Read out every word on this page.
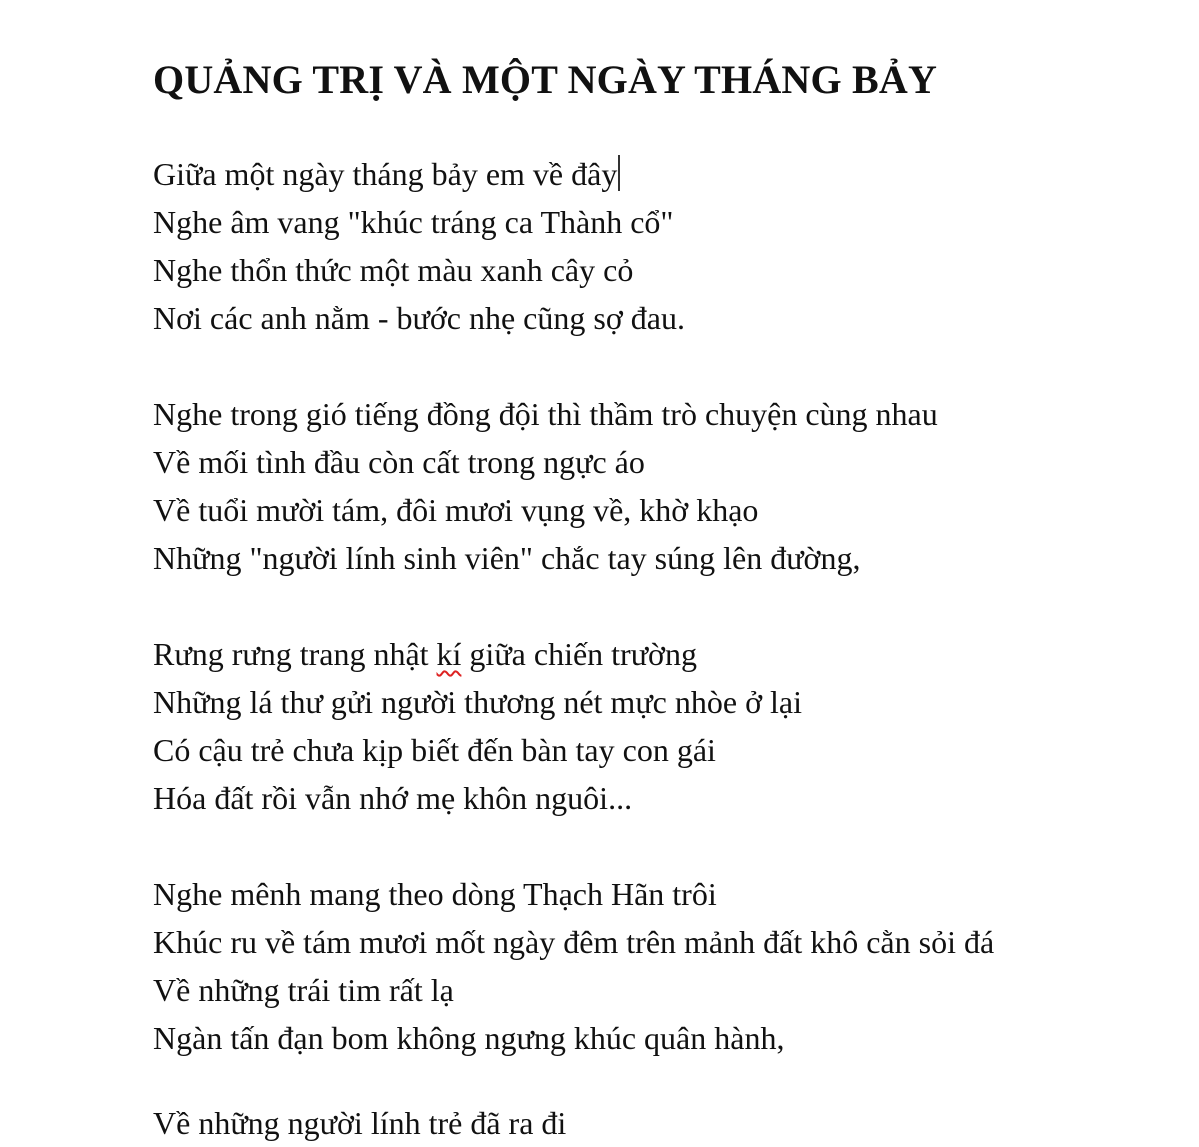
QUẢNG TRỊ VÀ MỘT NGÀY THÁNG BẢY
Giữa một ngày tháng bảy em về đây
Nghe âm vang "khúc tráng ca Thành cổ"
Nghe thổn thức một màu xanh cây cỏ
Nơi các anh nằm - bước nhẹ cũng sợ đau.
Nghe trong gió tiếng đồng đội thì thầm trò chuyện cùng nhau
Về mối tình đầu còn cất trong ngực áo
Về tuổi mười tám, đôi mươi vụng về, khờ khạo
Những "người lính sinh viên" chắc tay súng lên đường,
Rưng rưng trang nhật kí giữa chiến trường
Những lá thư gửi người thương nét mực nhòe ở lại
Có cậu trẻ chưa kịp biết đến bàn tay con gái
Hóa đất rồi vẫn nhớ mẹ khôn nguôi...
Nghe mênh mang theo dòng Thạch Hãn trôi
Khúc ru về tám mươi mốt ngày đêm trên mảnh đất khô cằn sỏi đá
Về những trái tim rất lạ
Ngàn tấn đạn bom không ngưng khúc quân hành,
Về những người lính trẻ đã ra đi
